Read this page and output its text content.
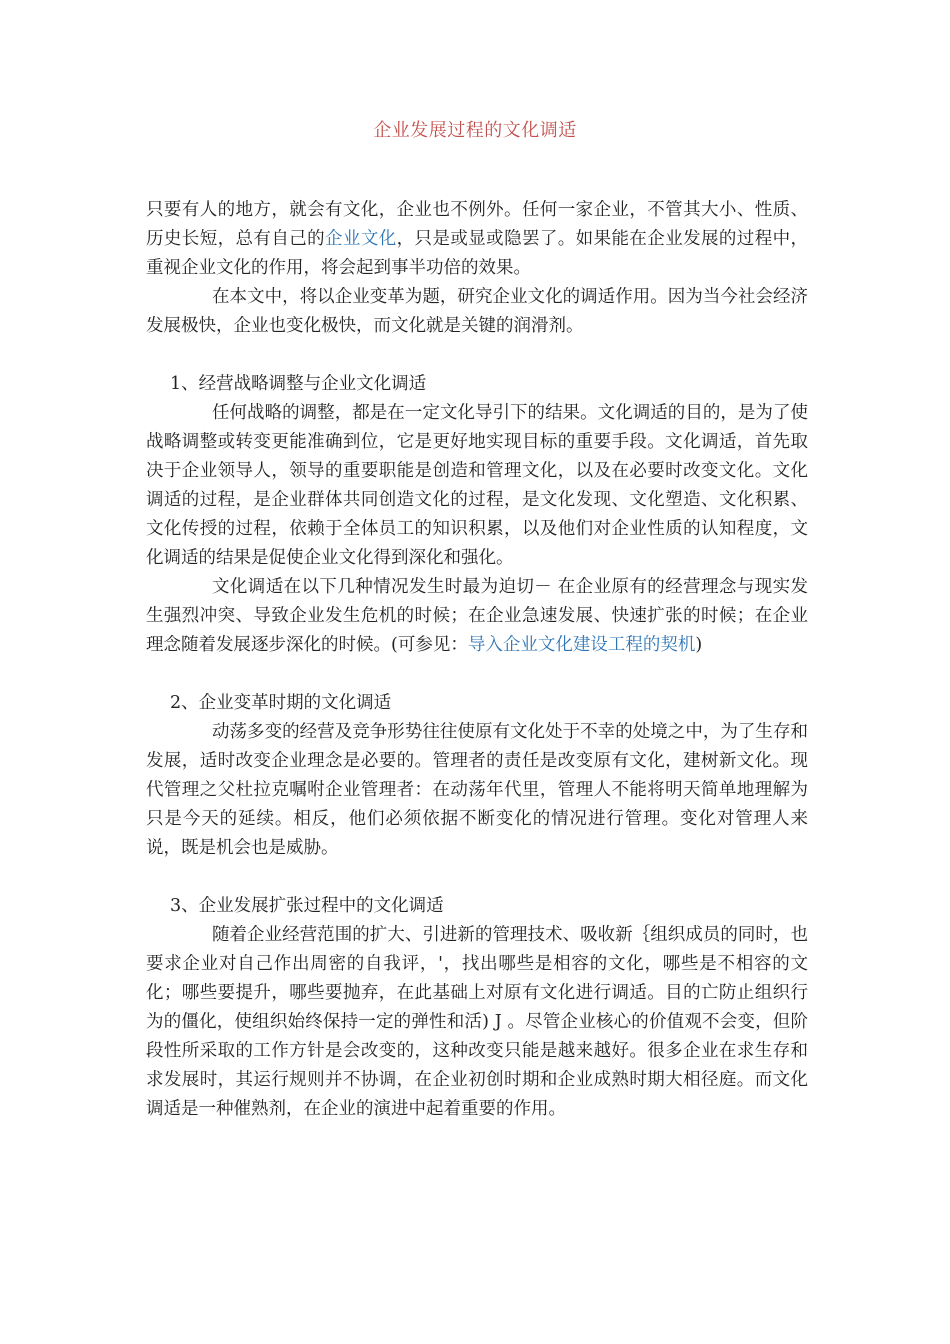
企业发展过程的文化调适

只要有人的地方，就会有文化，企业也不例外。任何一家企业，不管其大小、性质、历史长短，总有自己的企业文化，只是或显或隐罢了。如果能在企业发展的过程中，重视企业文化的作用，将会起到事半功倍的效果。

在本文中，将以企业变革为题，研究企业文化的调适作用。因为当今社会经济发展极快，企业也变化极快，而文化就是关键的润滑剂。

1、经营战略调整与企业文化调适

任何战略的调整，都是在一定文化导引下的结果。文化调适的目的，是为了使战略调整或转变更能准确到位，它是更好地实现目标的重要手段。文化调适，首先取决于企业领导人，领导的重要职能是创造和管理文化，以及在必要时改变文化。文化调适的过程，是企业群体共同创造文化的过程，是文化发现、文化塑造、文化积累、文化传授的过程，依赖于全体员工的知识积累，以及他们对企业性质的认知程度，文化调适的结果是促使企业文化得到深化和强化。

文化调适在以下几种情况发生时最为迫切－ 在企业原有的经营理念与现实发生强烈冲突、导致企业发生危机的时候；在企业急速发展、快速扩张的时候；在企业理念随着发展逐步深化的时候。(可参见：导入企业文化建设工程的契机)

2、企业变革时期的文化调适

动荡多变的经营及竞争形势往往使原有文化处于不幸的处境之中，为了生存和发展，适时改变企业理念是必要的。管理者的责任是改变原有文化，建树新文化。现代管理之父杜拉克嘱咐企业管理者：在动荡年代里，管理人不能将明天简单地理解为只是今天的延续。相反，他们必须依据不断变化的情况进行管理。变化对管理人来说，既是机会也是威胁。

3、企业发展扩张过程中的文化调适

随着企业经营范围的扩大、引进新的管理技术、吸收新｛组织成员的同时，也要求企业对自己作出周密的自我评，'，找出哪些是相容的文化，哪些是不相容的文化；哪些要提升，哪些要抛弃，在此基础上对原有文化进行调适。目的亡防止组织行为的僵化，使组织始终保持一定的弹性和活) J 。尽管企业核心的价值观不会变，但阶段性所采取的工作方针是会改变的，这种改变只能是越来越好。很多企业在求生存和求发展时，其运行规则并不协调，在企业初创时期和企业成熟时期大相径庭。而文化调适是一种催熟剂，在企业的演进中起着重要的作用。
